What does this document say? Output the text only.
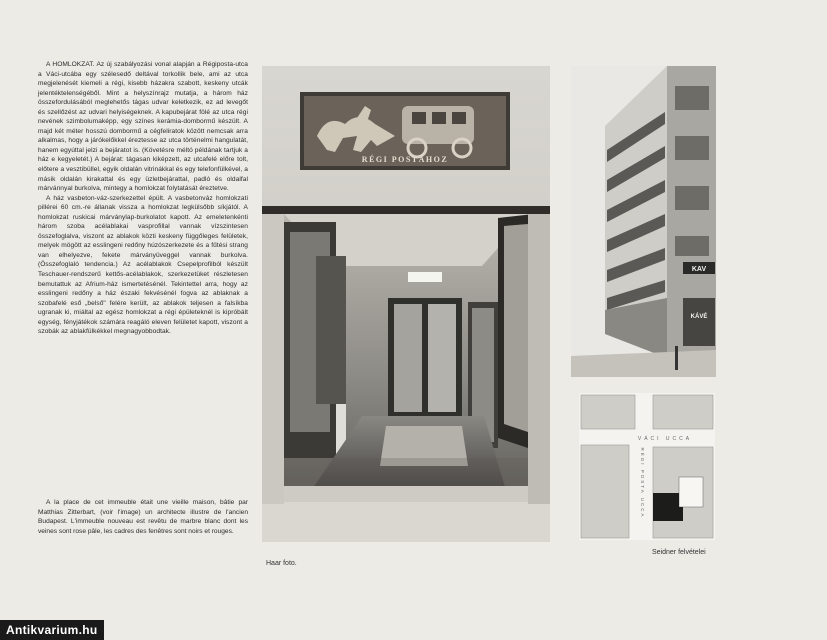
A HOMLOKZAT. Az új szabályozási vonal alapján a Régiposta-utca a Váci-utcába egy szélesedő deltával torkollik bele, ami az utca megjelenését kiemeli a régi, kisebb házakra szabott, keskeny utcák jelentéktelenségéből. Mint a helyszínrajz mutatja, a három ház összefordulásából meglehetős tágas udvar keletkezik, ez ad levegőt és szellőzést az udvari helyiségeknek. A kapubejárat fölé az utca régi nevének szimbolumaképp, egy színes kerámia-dombormű készült. A majd két méter hosszú dombormű a cégfeliratok között nemcsak arra alkalmas, hogy a járókelőkkel éreztesse az utca történelmi hangulatát, hanem egyúttal jelzi a bejáratot is. (Követésre méltó példának tartjuk a ház e kegyeletét.) A bejárat: tágasan kiképzett, az utcafelé előre tolt, előtere a vesztibüllel, egyik oldalán vitrinákkal és egy telefonfülkével, a másik oldalán kirakattal és egy üzletbejárattal, padló és oldalfal márvánnyal burkolva, mintegy a homlokzat folytatását éreztetve.

A ház vasbeton-váz-szerkezettel épült. A vasbetonváz homlokzati pillérei 60 cm.-re állanak vissza a homlokzat legkülsőbb síkjától. A homlokzat ruskicai márványlap-burkolatot kapott. Az emeletenkénti három szoba acélablakai vasprofillal vannak vízszintesen összefoglalva, viszont az ablakok közti keskeny függőleges felületek, melyek mögött az esslingeni redőny húzószerkezete és a fűtési strang van elhelyezve, fekete márványüveggel vannak burkolva. (Összefoglaló tendencia.) Az acélablakok Csepelprofilból készült Teschauer-rendszerű kettős-acélablakok, szerkezetüket részletesen bemutattuk az Afrium-ház ismertetésénél. Tekintettel arra, hogy az esslingeni redőny a ház északi fekvésénél fogva az ablaknak a szobafelé eső „belső" felére került, az ablakok teljesen a falsíkba ugranak ki, miáltal az egész homlokzat a régi épületeknél is kipróbált egység, fényjátékok számára reagáló eleven felületet kapott, viszont a szobák az ablakfülkékkel megnagyobbodtak.

A la place de cet immeuble était une vieille maison, bâtie par Matthias Zitterbart, (voir l'image) un architecte illustre de l'ancien Budapest. L'immeuble nouveau est revêtu de marbre blanc dont les veines sont rose pâle, les cadres des fenêtres sont noirs et rouges.

RÉGI POSTÁHOZ
KAV
KÁVÉ
VÁCI UCCA
RÉGI POSTA UCCA
Haar foto.
Seidner felvételei
Antikvarium.hu
